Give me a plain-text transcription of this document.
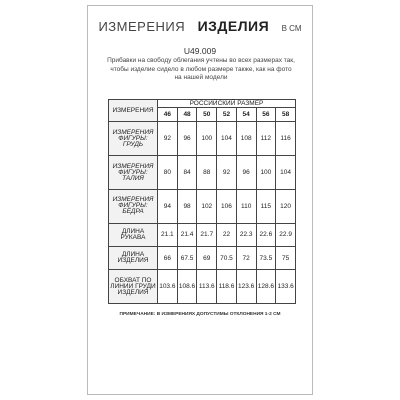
ИЗМЕРЕНИЯ ИЗДЕЛИЯ В СМ
U49.009
Прибавки на свободу облегания учтены во всех размерах так, чтобы изделие сидело в любом размере также, как на фото на нашей модели
ИЗМЕРЕНИЯ	РОССИЙСКИЙ РАЗМЕР						
	46	48	50	52	54	56	58
ИЗМЕРЕНИЯ ФИГУРЫ: ГРУДЬ	92	96	100	104	108	112	116
ИЗМЕРЕНИЯ ФИГУРЫ: ТАЛИЯ	80	84	88	92	96	100	104
ИЗМЕРЕНИЯ ФИГУРЫ: БЁДРА	94	98	102	106	110	115	120
ДЛИНА РУКАВА	21.1	21.4	21.7	22	22.3	22.6	22.9
ДЛИНА ИЗДЕЛИЯ	66	67.5	69	70.5	72	73.5	75
ОБХВАТ ПО ЛИНИИ ГРУДИ ИЗДЕЛИЯ	103.6	108.6	113.6	118.6	123.6	128.6	133.6
ПРИМЕЧАНИЕ: В ИЗМЕРЕНИЯХ ДОПУСТИМЫ ОТКЛОНЕНИЯ 1-2 СМ
